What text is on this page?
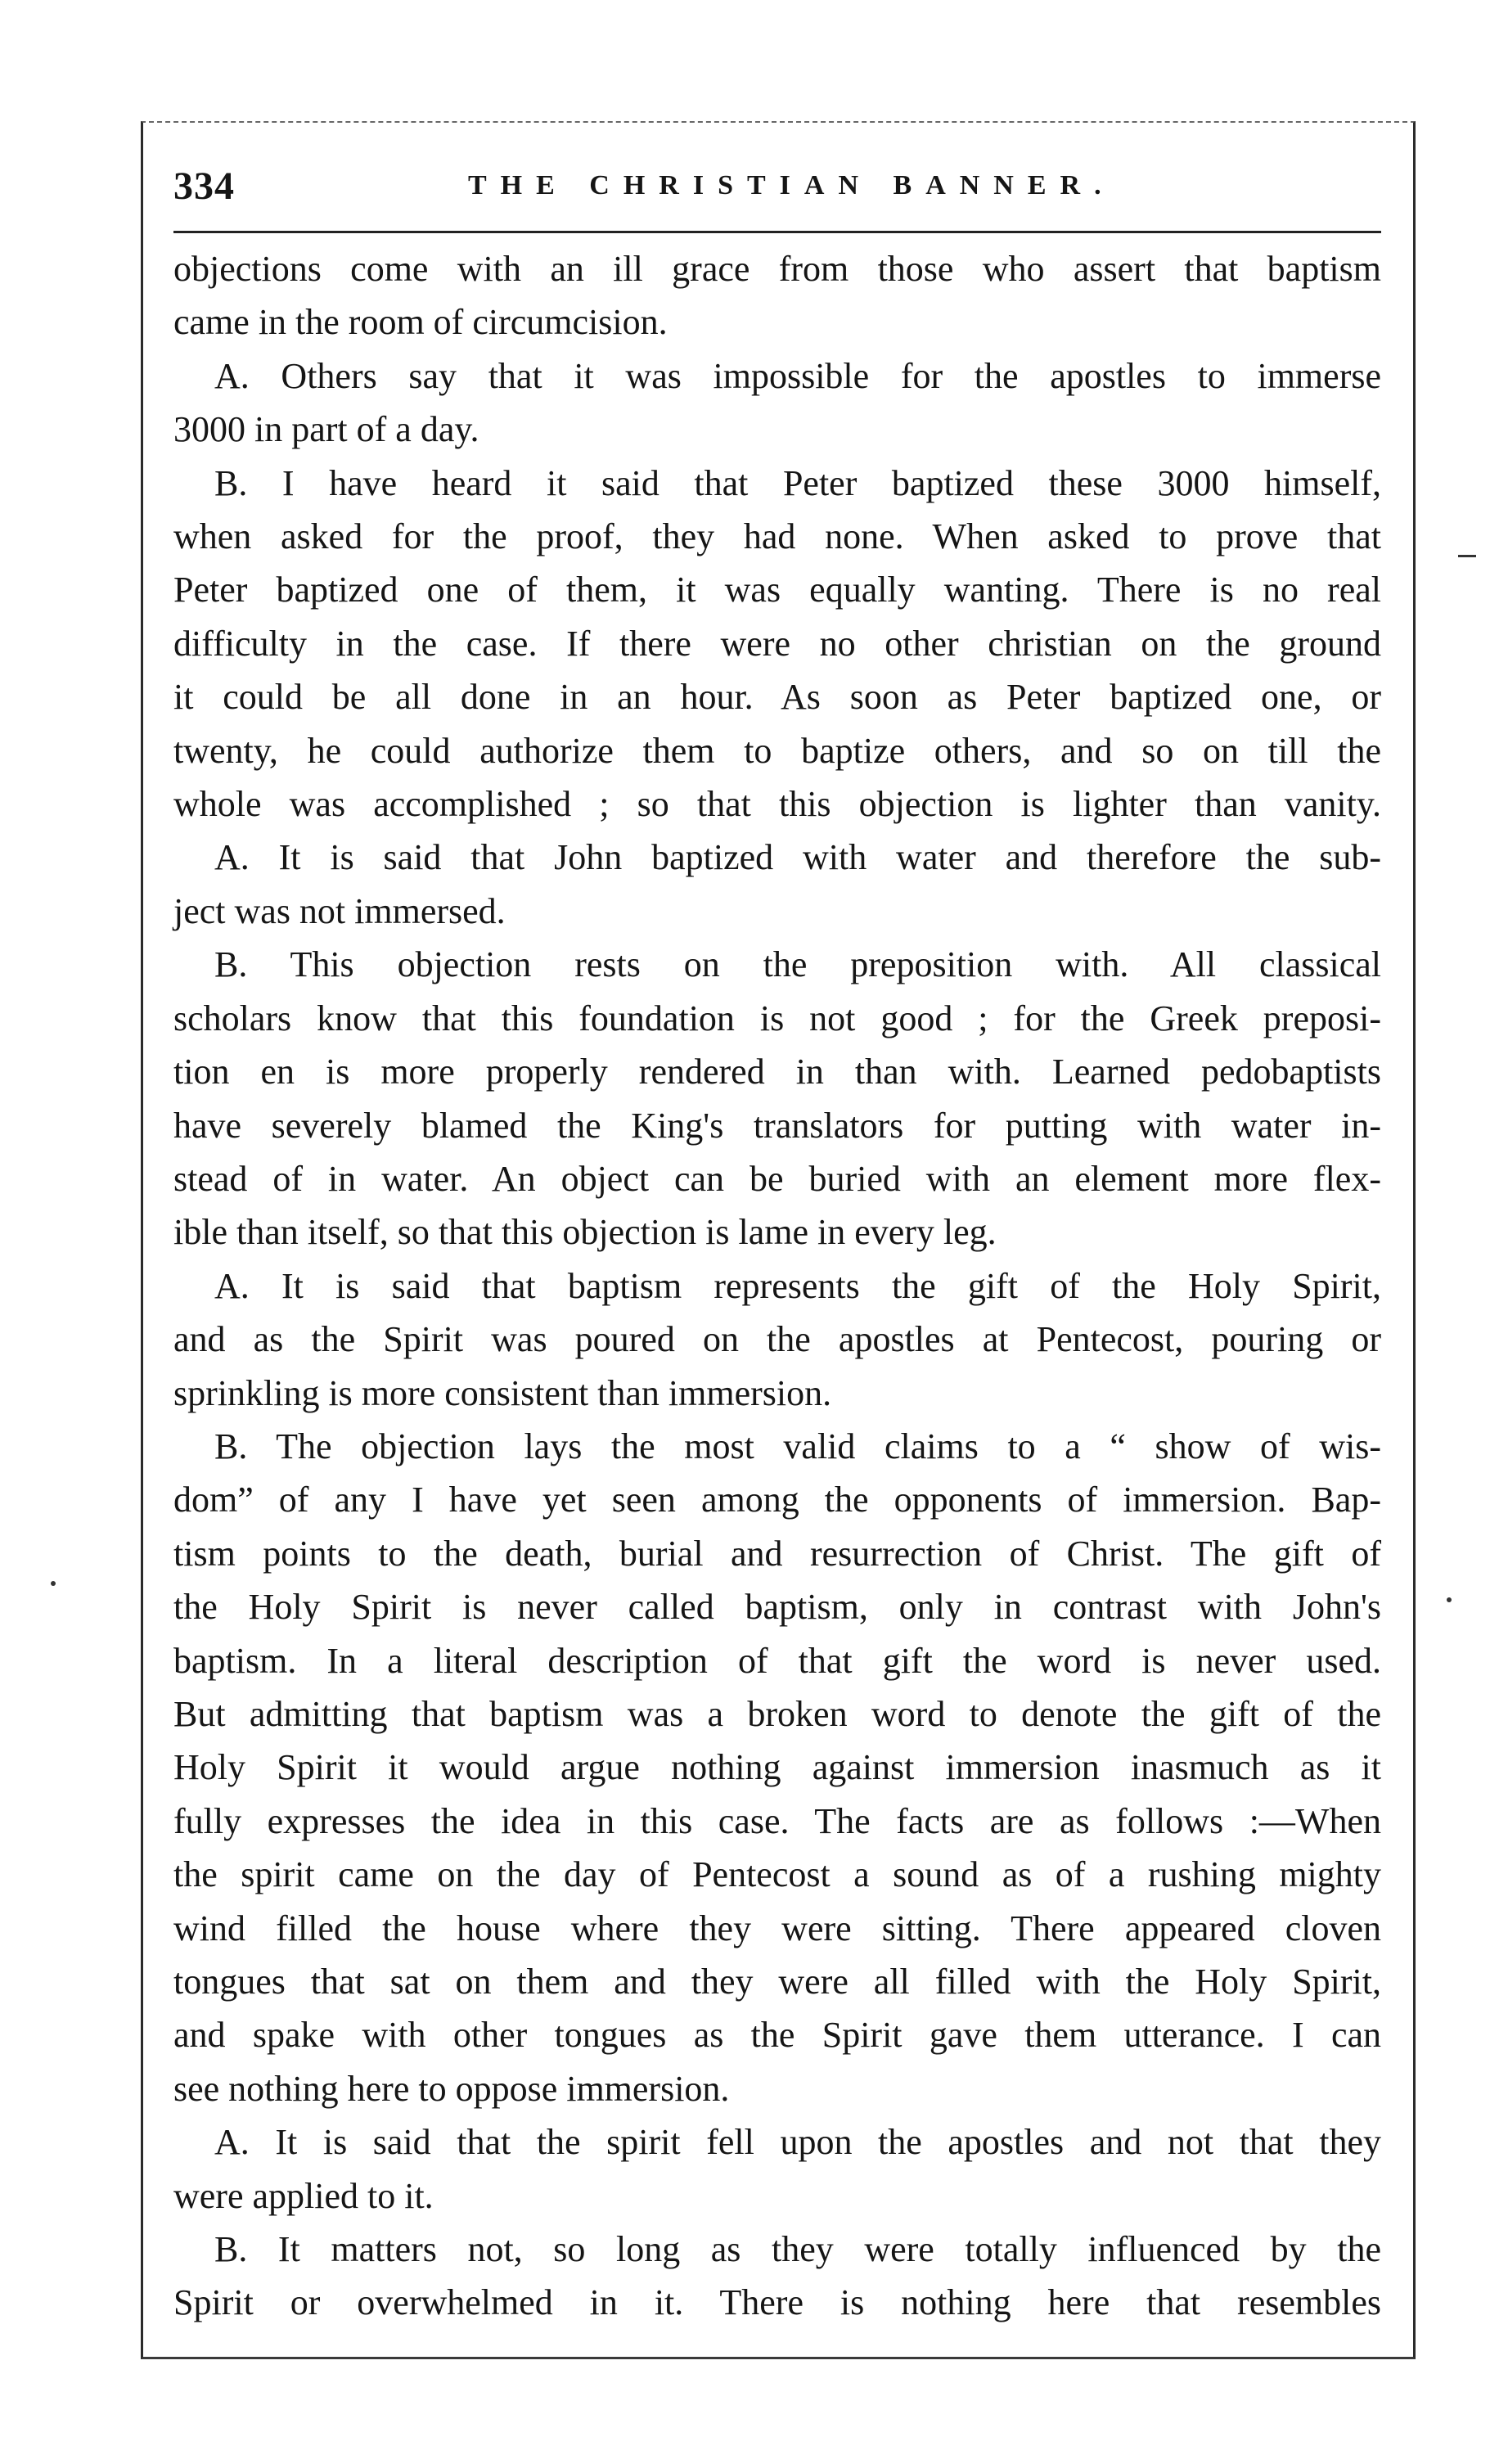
334	THE CHRISTIAN BANNER.
objections come with an ill grace from those who assert that baptism
came in the room of circumcision.
A. Others say that it was impossible for the apostles to immerse
3000 in part of a day.
B. I have heard it said that Peter baptized these 3000 himself,
when asked for the proof, they had none. When asked to prove that
Peter baptized one of them, it was equally wanting. There is no real
difficulty in the case. If there were no other christian on the ground
it could be all done in an hour. As soon as Peter baptized one, or
twenty, he could authorize them to baptize others, and so on till the
whole was accomplished ; so that this objection is lighter than vanity.
A. It is said that John baptized with water and therefore the sub-
ject was not immersed.
B. This objection rests on the preposition with. All classical
scholars know that this foundation is not good ; for the Greek preposi-
tion en is more properly rendered in than with. Learned pedobaptists
have severely blamed the King's translators for putting with water in-
stead of in water. An object can be buried with an element more flex-
ible than itself, so that this objection is lame in every leg.
A. It is said that baptism represents the gift of the Holy Spirit,
and as the Spirit was poured on the apostles at Pentecost, pouring or
sprinkling is more consistent than immersion.
B. The objection lays the most valid claims to a “ show of wis-
dom” of any I have yet seen among the opponents of immersion. Bap-
tism points to the death, burial and resurrection of Christ. The gift of
the Holy Spirit is never called baptism, only in contrast with John's
baptism. In a literal description of that gift the word is never used.
But admitting that baptism was a broken word to denote the gift of the
Holy Spirit it would argue nothing against immersion inasmuch as it
fully expresses the idea in this case. The facts are as follows :—When
the spirit came on the day of Pentecost a sound as of a rushing mighty
wind filled the house where they were sitting. There appeared cloven
tongues that sat on them and they were all filled with the Holy Spirit,
and spake with other tongues as the Spirit gave them utterance. I can
see nothing here to oppose immersion.
A. It is said that the spirit fell upon the apostles and not that they
were applied to it.
B. It matters not, so long as they were totally influenced by the
Spirit or overwhelmed in it. There is nothing here that resembles
